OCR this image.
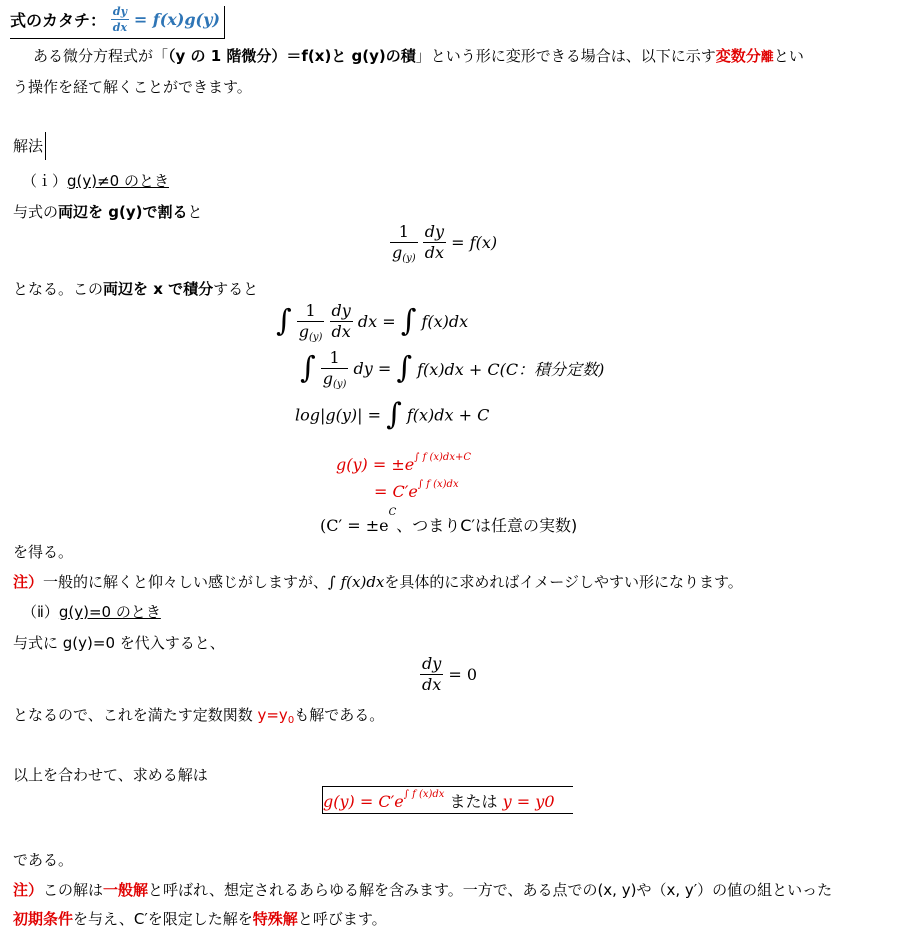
式のカタチ： $\frac{dy}{dx} = f(x)g(y)$
ある微分方程式が「（y の 1 階微分）＝f(x)と g(y)の積」という形に変形できる場合は、以下に示す変数分離とい
う操作を経て解くことができます。
解法
（ｉ）g(y)≠0 のとき
与式の両辺を g(y)で割ると
$\frac{1}{g_{(y)}}$
$\frac{dy}{dx} = f(x)$
となる。この両辺を x で積分すると
∫ $\frac{1}{g_{(y)}}$
$\frac{dy}{dx}$ dx = ∫ f(x)dx
∫ $\frac{1}{g_{(y)}}$ dy = ∫ f(x)dx + C(C：積分定数)
log|g(y)| = ∫ f(x)dx + C
$g(y) = \pm e^{\int f (x)dx+C}$
= $C'e^{\int f (x)dx}$
($C' = \pm e^C$、つまりC′は任意の実数)
を得る。
注）一般的に解くと仰々しい感じがしますが、∫ f(x)dxを具体的に求めればイメージしやすい形になります。
（ⅱ）g(y)=0 のとき
与式に g(y)=0 を代入すると、
$\frac{dy}{dx} = 0$
となるので、これを満たす定数関数 $y=y_0$も解である。
以上を合わせて、求める解は
$g(y) = C'e^{\int f (x)dx}$ または y = y0
である。
注）この解は一般解と呼ばれ、想定されるあらゆる解を含みます。一方で、ある点での(x, y)や（x, y′）の値の組といった
初期条件を与え、C′を限定した解を特殊解と呼びます。
